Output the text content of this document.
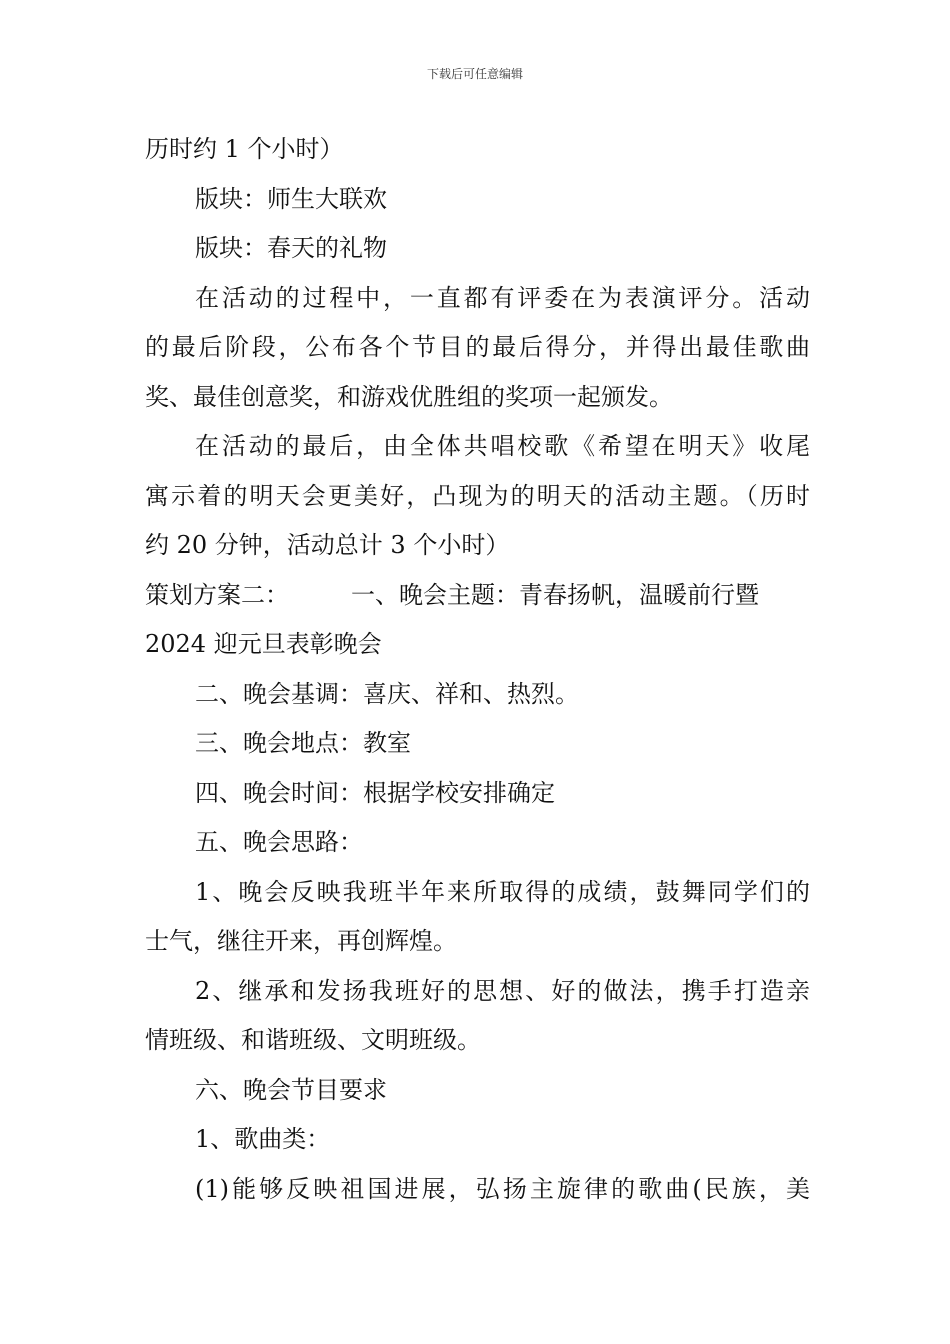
下载后可任意编辑
历时约 1 个小时）
版块：师生大联欢
版块：春天的礼物
在活动的过程中，一直都有评委在为表演评分。活动
的最后阶段，公布各个节目的最后得分，并得出最佳歌曲
奖、最佳创意奖，和游戏优胜组的奖项一起颁发。
在活动的最后，由全体共唱校歌《希望在明天》收尾
寓示着的明天会更美好，凸现为的明天的活动主题。（历时
约 20 分钟，活动总计 3 个小时）
策划方案二：	一、晚会主题：青春扬帆，温暖前行暨
2024 迎元旦表彰晚会
二、晚会基调：喜庆、祥和、热烈。
三、晚会地点：教室
四、晚会时间：根据学校安排确定
五、晚会思路：
1、晚会反映我班半年来所取得的成绩，鼓舞同学们的
士气，继往开来，再创辉煌。
2、继承和发扬我班好的思想、好的做法，携手打造亲
情班级、和谐班级、文明班级。
六、晚会节目要求
1、歌曲类：
(1)能够反映祖国进展，弘扬主旋律的歌曲(民族，美
